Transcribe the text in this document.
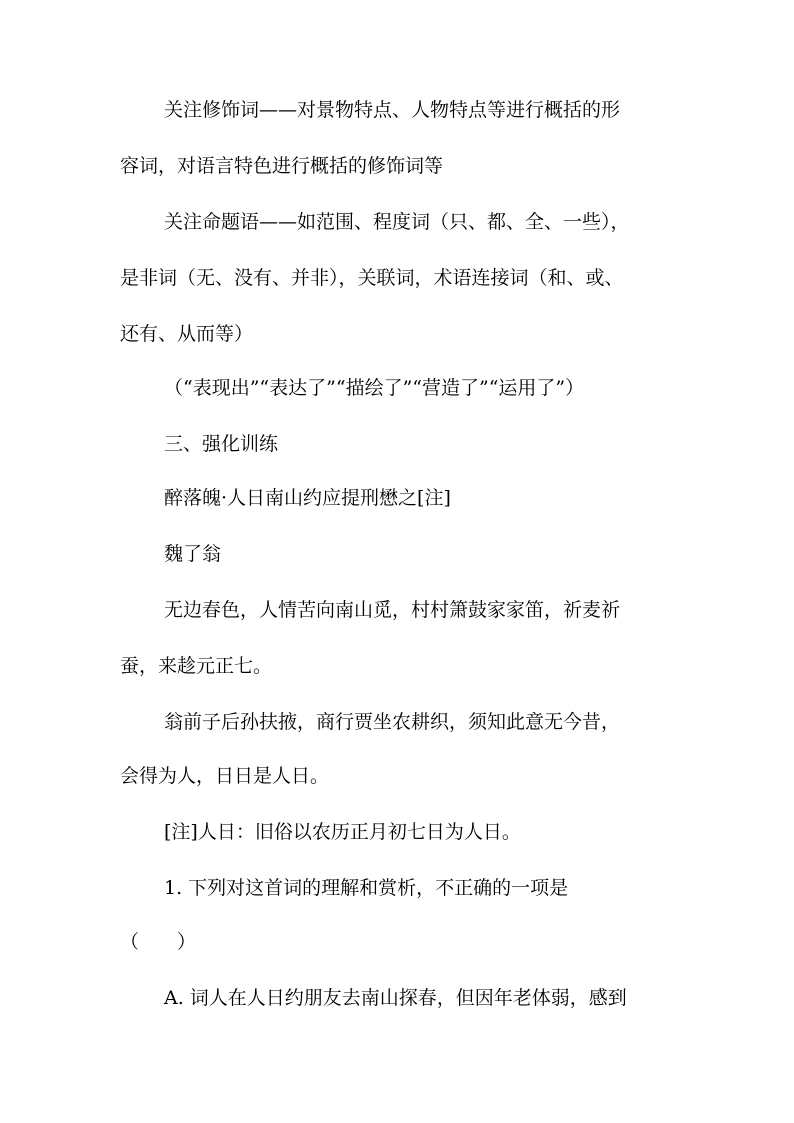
关注修饰词——对景物特点、人物特点等进行概括的形
容词，对语言特色进行概括的修饰词等
关注命题语——如范围、程度词（只、都、全、一些），
是非词（无、没有、并非），关联词，术语连接词（和、或、
还有、从而等）
（“表现出”“表达了”“描绘了”“营造了”“运用了”）
三、强化训练
醉落魄·人日南山约应提刑懋之[注]
魏了翁
无边春色，人情苦向南山觅，村村箫鼓家家笛，祈麦祈
蚕，来趁元正七。
翁前子后孙扶掖，商行贾坐农耕织，须知此意无今昔，
会得为人，日日是人日。
[注]人日：旧俗以农历正月初七日为人日。
1. 下列对这首词的理解和赏析，不正确的一项是
（　　）
A. 词人在人日约朋友去南山探春，但因年老体弱，感到
